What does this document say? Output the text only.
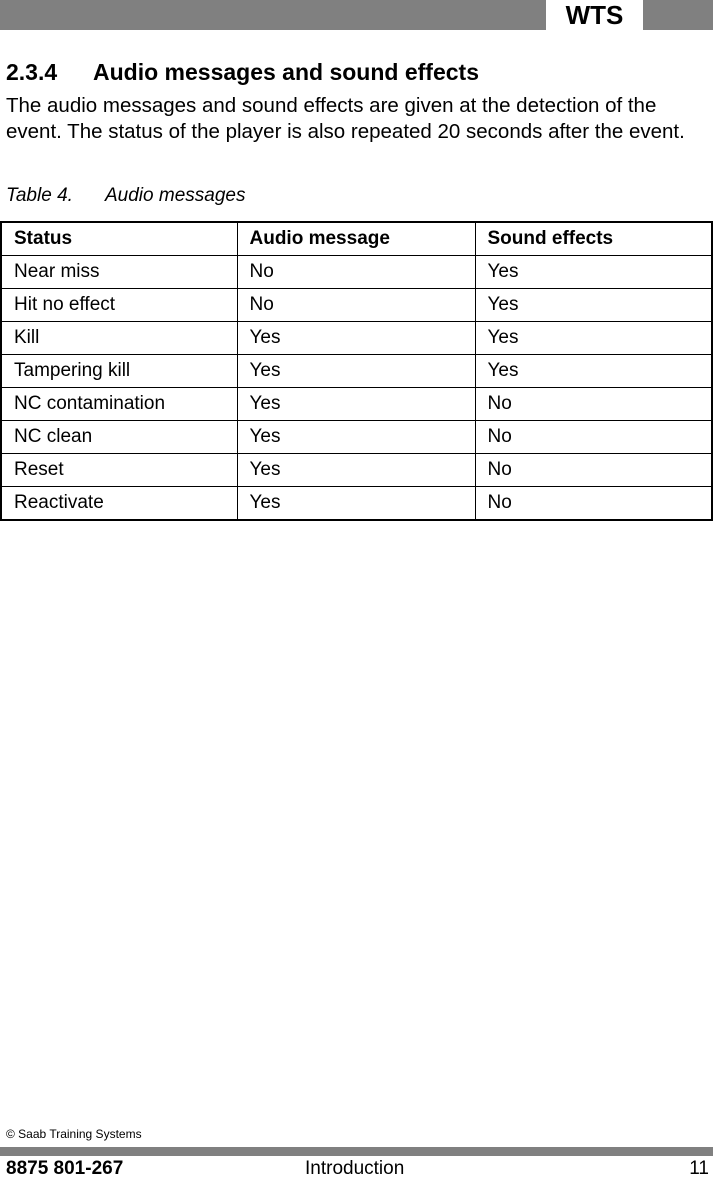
WTS
2.3.4 Audio messages and sound effects

The audio messages and sound effects are given at the detection of the event. The status of the player is also repeated 20 seconds after the event.

Table 4. Audio messages
Status	Audio message	Sound effects
Near miss	No	Yes
Hit no effect	No	Yes
Kill	Yes	Yes
Tampering kill	Yes	Yes
NC contamination	Yes	No
NC clean	Yes	No
Reset	Yes	No
Reactivate	Yes	No
© Saab Training Systems
8875 801-267	Introduction	11
